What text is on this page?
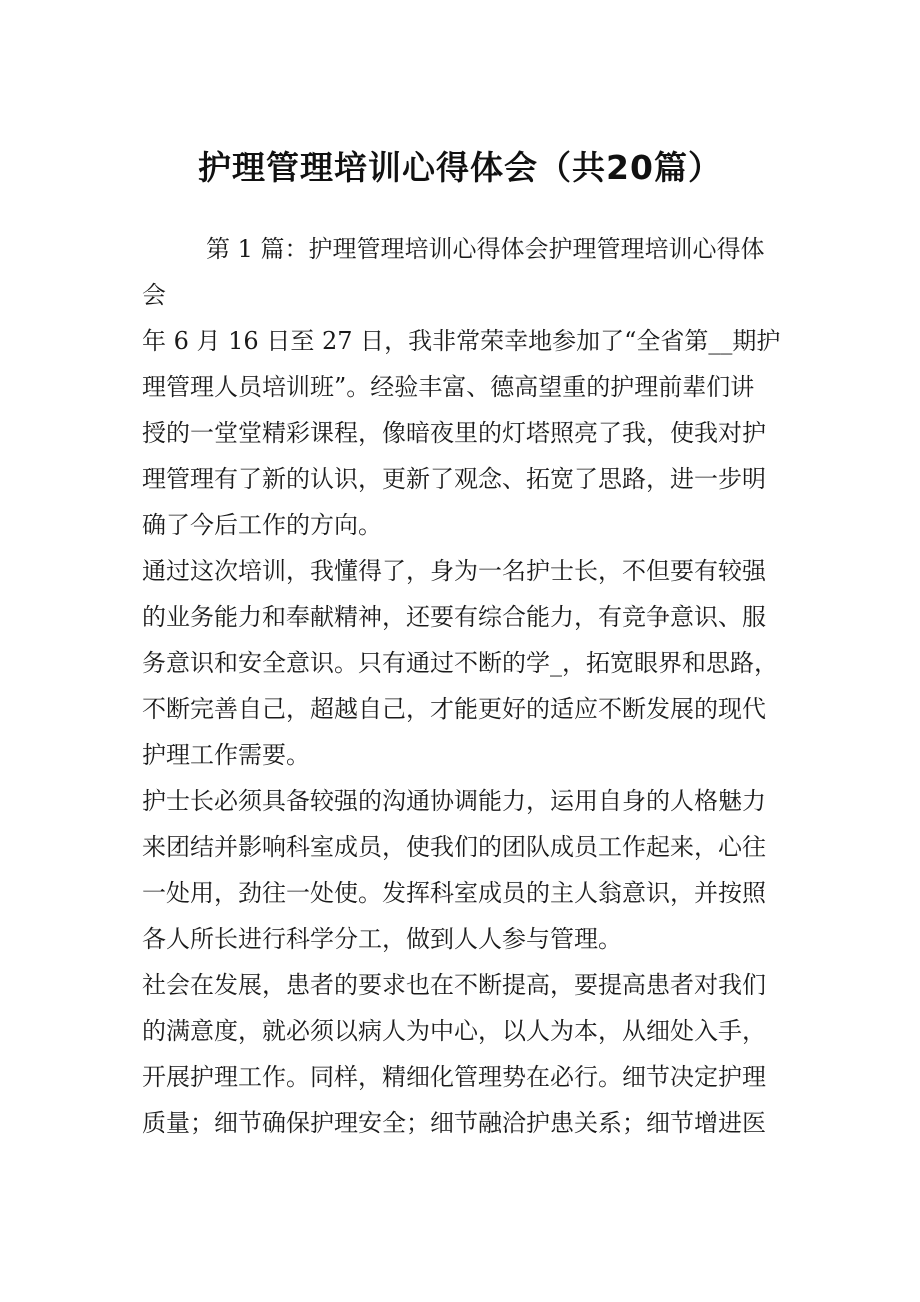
护理管理培训心得体会（共20篇）

第 1 篇：护理管理培训心得体会护理管理培训心得体
会

年 6 月 16 日至 27 日，我非常荣幸地参加了“全省第__期护
理管理人员培训班”。经验丰富、德高望重的护理前辈们讲
授的一堂堂精彩课程，像暗夜里的灯塔照亮了我，使我对护
理管理有了新的认识，更新了观念、拓宽了思路，进一步明
确了今后工作的方向。

通过这次培训，我懂得了，身为一名护士长，不但要有较强
的业务能力和奉献精神，还要有综合能力，有竞争意识、服
务意识和安全意识。只有通过不断的学_，拓宽眼界和思路，
不断完善自己，超越自己，才能更好的适应不断发展的现代
护理工作需要。

护士长必须具备较强的沟通协调能力，运用自身的人格魅力
来团结并影响科室成员，使我们的团队成员工作起来，心往
一处用，劲往一处使。发挥科室成员的主人翁意识，并按照
各人所长进行科学分工，做到人人参与管理。

社会在发展，患者的要求也在不断提高，要提高患者对我们
的满意度，就必须以病人为中心，以人为本，从细处入手，
开展护理工作。同样，精细化管理势在必行。细节决定护理
质量；细节确保护理安全；细节融洽护患关系；细节增进医
